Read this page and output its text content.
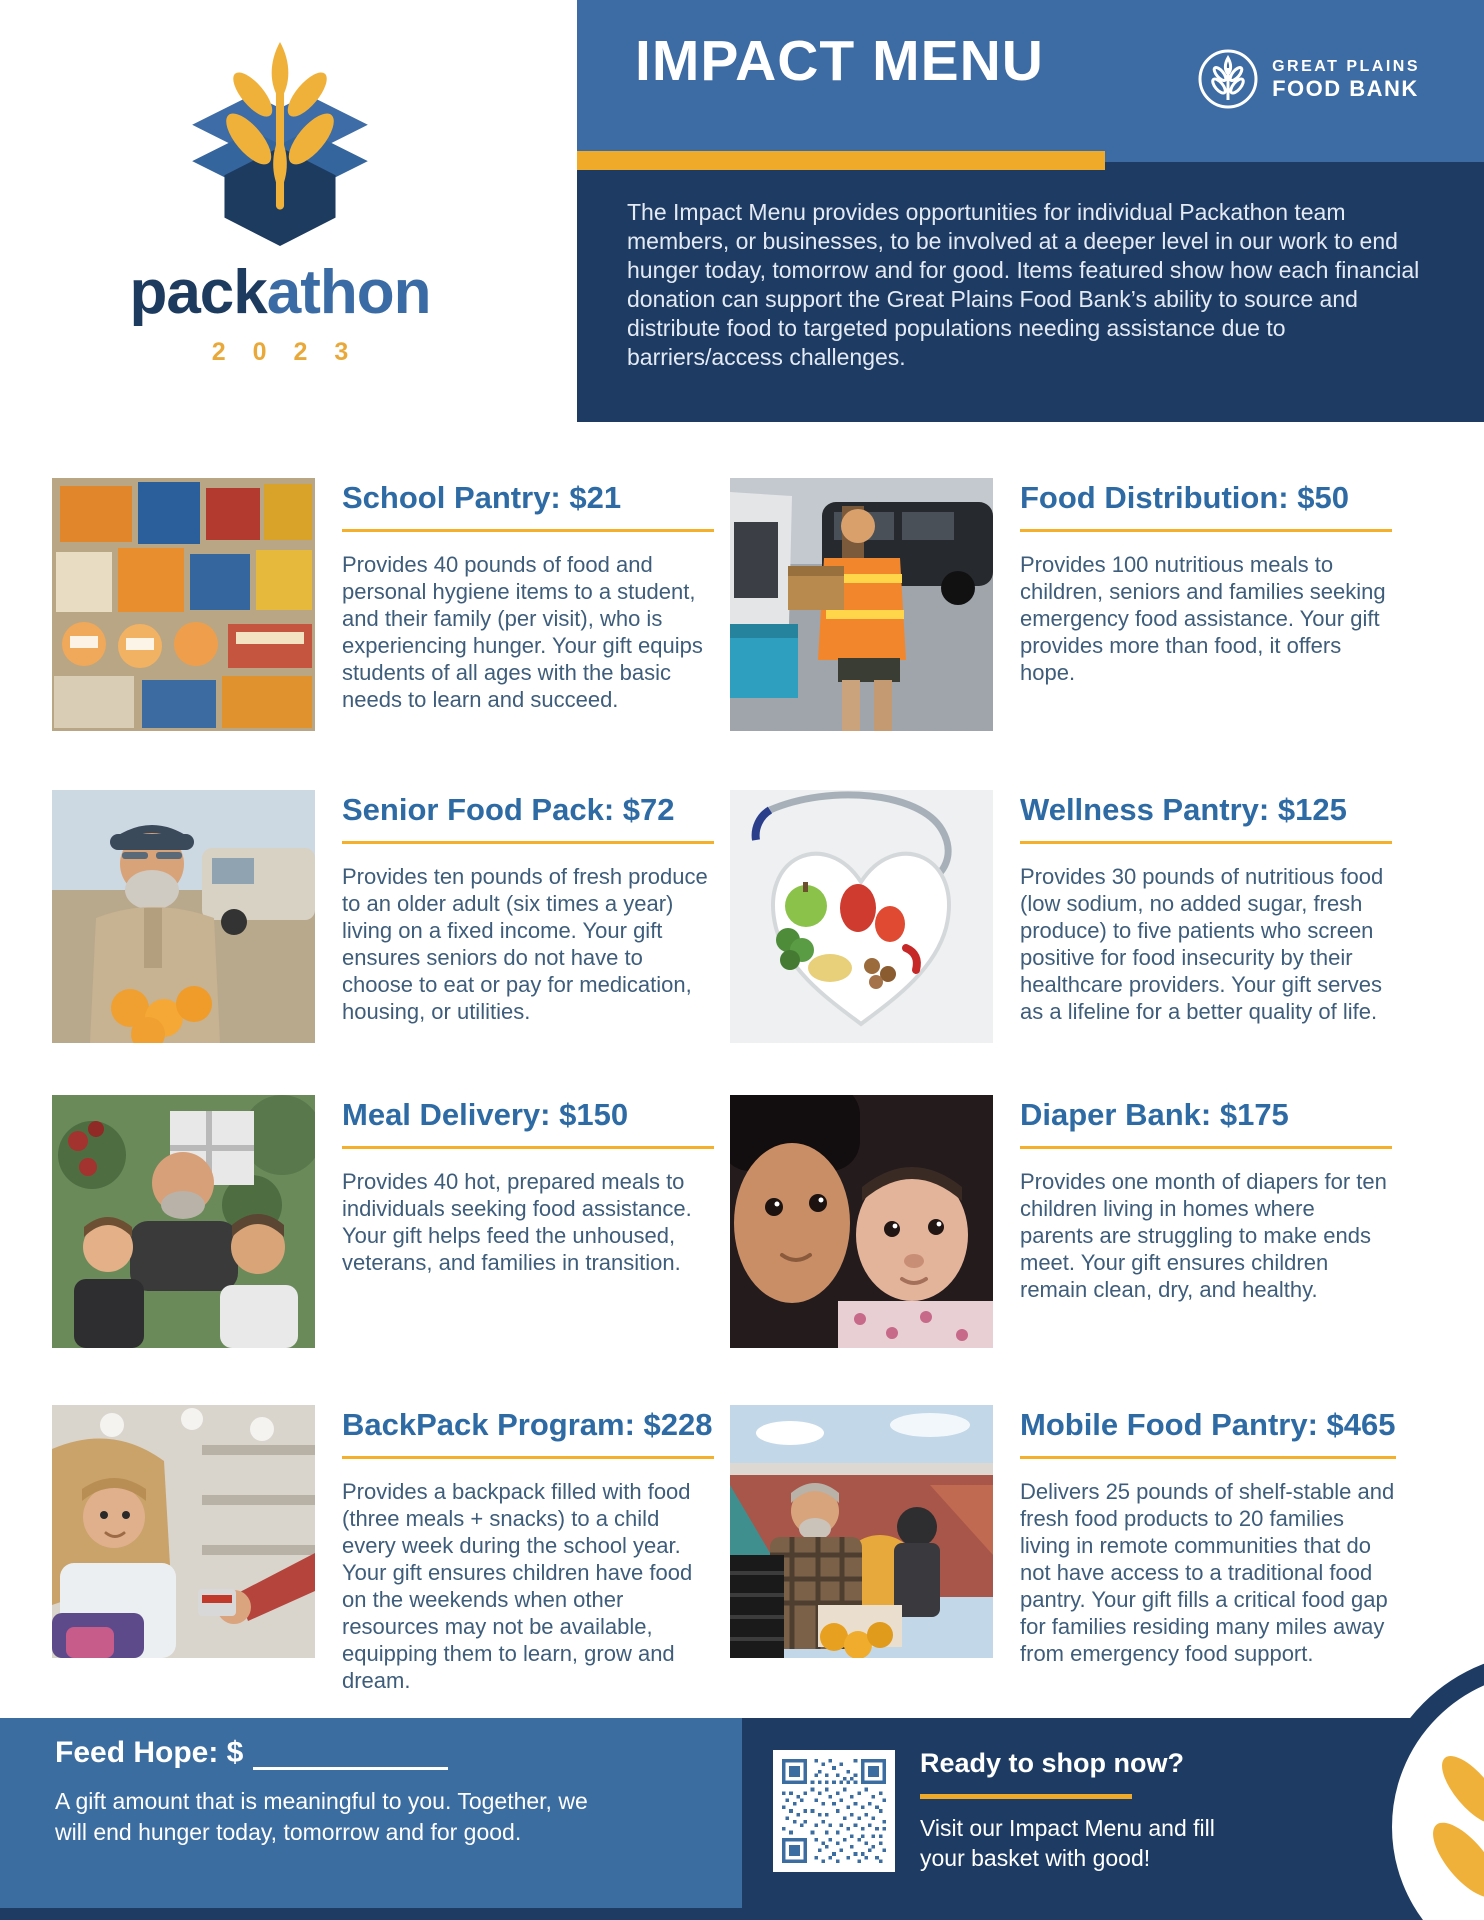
packathon
2023
IMPACT MENU	GREAT PLAINS
FOOD BANK

The Impact Menu provides opportunities for individual Packathon team members, or businesses, to be involved at a deeper level in our work to end hunger today, tomorrow and for good. Items featured show how each financial donation can support the Great Plains Food Bank’s ability to source and distribute food to targeted populations needing assistance due to barriers/access challenges.

School Pantry: $21

Provides 40 pounds of food and personal hygiene items to a student, and their family (per visit), who is experiencing hunger. Your gift equips students of all ages with the basic needs to learn and succeed.

Food Distribution: $50

Provides 100 nutritious meals to children, seniors and families seeking emergency food assistance. Your gift provides more than food, it offers hope.

Senior Food Pack: $72

Provides ten pounds of fresh produce to an older adult (six times a year) living on a fixed income. Your gift ensures seniors do not have to choose to eat or pay for medication, housing, or utilities.

Wellness Pantry: $125

Provides 30 pounds of nutritious food (low sodium, no added sugar, fresh produce) to five patients who screen positive for food insecurity by their healthcare providers. Your gift serves as a lifeline for a better quality of life.

Meal Delivery: $150

Provides 40 hot, prepared meals to individuals seeking food assistance. Your gift helps feed the unhoused, veterans, and families in transition.

Diaper Bank: $175

Provides one month of diapers for ten children living in homes where parents are struggling to make ends meet. Your gift ensures children remain clean, dry, and healthy.

BackPack Program: $228

Provides a backpack filled with food (three meals + snacks) to a child every week during the school year. Your gift ensures children have food on the weekends when other resources may not be available, equipping them to learn, grow and dream.

Mobile Food Pantry: $465

Delivers 25 pounds of shelf-stable and fresh food products to 20 families living in remote communities that do not have access to a traditional food pantry. Your gift fills a critical food gap for families residing many miles away from emergency food support.

Feed Hope: $

A gift amount that is meaningful to you. Together, we will end hunger today, tomorrow and for good.

Ready to shop now?

Visit our Impact Menu and fill your basket with good!
